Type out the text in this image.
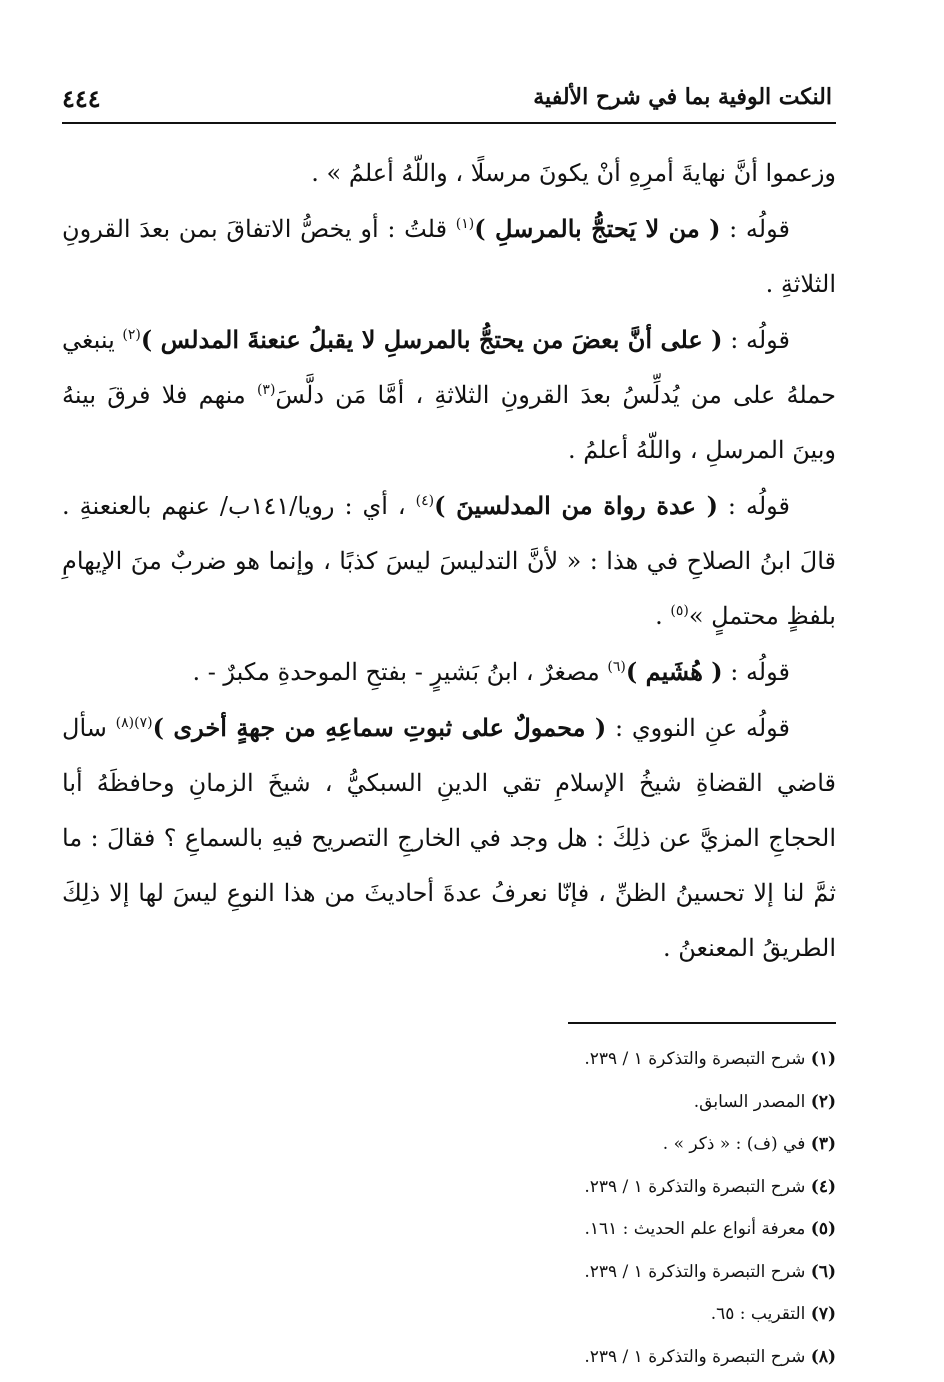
النكت الوفية بما في شرح الألفية
٤٤٤

وزعموا أنَّ نهايةَ أمرِهِ أنْ يكونَ مرسلًا ، واللّهُ أعلمُ » .

قولُه : ( من لا يَحتجُّ بالمرسلِ )$^{(١)}$ قلتُ : أو يخصُّ الاتفاقَ بمن بعدَ القرونِ الثلاثةِ .

قولُه : ( على أنَّ بعضَ من يحتجُّ بالمرسلِ لا يقبلُ عنعنةَ المدلس )$^{(٢)}$ ينبغي حملهُ على من يُدلِّسُ بعدَ القرونِ الثلاثةِ ، أمَّا مَن دلَّسَ$^{(٣)}$ منهم فلا فرقَ بينهُ وبينَ المرسلِ ، واللّهُ أعلمُ .

قولُه : ( عدة رواة من المدلسينَ )$^{(٤)}$ ، أي : رويا/١٤١ب/ عنهم بالعنعنةِ . قالَ ابنُ الصلاحِ في هذا : « لأنَّ التدليسَ ليسَ كذبًا ، وإنما هو ضربٌ منَ الإيهامِ بلفظٍ محتملٍ »$^{(٥)}$ .

قولُه : ( هُشَيم )$^{(٦)}$ مصغرٌ ، ابنُ بَشيرٍ - بفتحِ الموحدةِ مكبرٌ - .

قولُه عنِ النووي : ( محمولٌ على ثبوتِ سماعِهِ من جهةٍ أخرى )$^{(٧)(٨)}$ سأل قاضي القضاةِ شيخُ الإسلامِ تقي الدينِ السبكيُّ ، شيخَ الزمانِ وحافظَهُ أبا الحجاجِ المزيَّ عن ذلِكَ : هل وجد في الخارجِ التصريح فيهِ بالسماعِ ؟ فقالَ : ما ثمَّ لنا إلا تحسينُ الظنِّ ، فإنّا نعرفُ عدةَ أحاديثَ من هذا النوعِ ليسَ لها إلا ذلِكَ الطريقُ المعنعنُ .

(١) شرح التبصرة والتذكرة ١ / ٢٣٩.

(٢) المصدر السابق.

(٣) في (ف) : « ذكر » .

(٤) شرح التبصرة والتذكرة ١ / ٢٣٩.

(٥) معرفة أنواع علم الحديث : ١٦١.

(٦) شرح التبصرة والتذكرة ١ / ٢٣٩.

(٧) التقريب : ٦٥.

(٨) شرح التبصرة والتذكرة ١ / ٢٣٩.
